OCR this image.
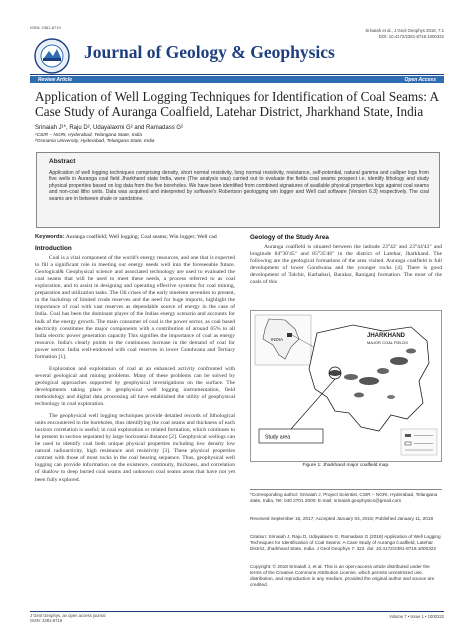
ISSN: 2381-8719
Journal of Geology & Geophysics
Srinaiah et al., J Geol Geophys 2018, 7:1
DOI: 10.4172/2381-8719.1000322
Review Article	Open Access
Application of Well Logging Techniques for Identification of Coal Seams: A Case Study of Auranga Coalfield, Latehar District, Jharkhand State, India
Srinaiah J¹*, Raju D², Udayalaxmi G² and Ramadass G²
¹CSIR – NGRI, Hyderabad, Telangana State, India
²Osmania University, Hyderabad, Telangana State, India
Abstract
Application of well logging techniques comprising density, short normal resistivity, long normal resistivity, resistance, self-potential, natural gamma and calliper logs from five wells in Auranga coal field Jharkhand state India, were (The analysis was) carried out to evaluate the fields coal seams prospect i.e. identify lithology and study physical properties based on log data from the five boreholes. We have been identified from combined signatures of available physical properties logs against coal seams and non-coal litho units. Data was acquired and interpreted by software's Robertson geologging win logger and Well cad software (Version 6.3) respectively. The coal seams are in between shale or sandstone.
Keywords: Auranga coalfield; Well logging; Coal seams; Win logger; Well cad
Introduction
Coal is a vital component of the world's energy resources, and one that is expected to fill a significant role in meeting our energy needs well into the foreseeable future. Geological& Geophysical science and associated technology are used to evaluated the coal seams that will be used to meet these needs, a process referred to as coal exploration, and to assist in designing and operating effective systems for coal mining, preparation and utilization tasks. The Oil crises of the early nineteen seventies to present, in the backdrop of limited crude reserves and the need for huge imports, highlight the importance of coal with vast reserves as dependable source of energy in the case of India. Coal has been the dominant player of the Indias energy scenario and accounts for bulk of the energy growth. The main consumer of coal is the power sector, as coal based electricity constitutes the major components with a contribution of around 65% to all India electric power generation capacity This signifies the importance of coal as energy resource. India's clearly points to the continuous increase in the demand of coal for power sector. India well-endowed with coal reserves in lower Gondwana and Tertiary formation [1].
Exploration and exploitation of coal at an enhanced activity confronted with several geological and mining problems. Many of these problems can be solved by geological approaches supported by geophysical investigations on the surface. The developments taking place in geophysical well logging instrumentation, field methodology and digital data processing all have established the utility of geophysical technology in coal exploration.
The geophysical well logging techniques provide detailed records of lithological units encountered in the boreholes, thus identifying the coal seams and thickness of each horizon correlation is useful; in coal exploration or related formation, which continues to be present in section separated by large horizontal distance [2]. Geophysical wellogs can be used to identify coal beds unique physical properties including low density low natural radioactivity, high resistance and resistivity [3]. These physical properties contrast with those of most rocks in the coal bearing sequence. Thus, geophysical well logging can provide information on the existence, continuity, thickness, and correlation of shallow to deep buried coal seams and unknown coal seams areas that have not yet been fully explored.
Geology of the Study Area
Auranga coalfield is situated between the latitude 23°42' and 23°44'43" and longitude 84°30'45" and 85°35'46" in the district of Latehar, Jharkhand. The following are the geological formations of the area visited. Auranga coalfield is full development of lower Gondwana and the younger rocks [4]. There is good development of Talchir, Karhabari, Barakar, Raniganj formation. The most of the coals of this
INDIA
JHARKHAND
MAJOR COAL FIELDS
Study area
Figure 1: Jharkhand major coalfield map.
*Corresponding author: Srinaiah J, Project Scientist, CSIR – NGRI, Hyderabad, Telangana state, India, Tel: 040 2701 2000; E-mail: srinaiah.geophysics@gmail.com
Received September 15, 2017; Accepted January 04, 2018; Published January 11, 2018
Citation: Srinaiah J, Raju D, Udayalaxmi G, Ramadass G (2018) Application of Well Logging Techniques for Identification of Coal Seams: A Case Study of Auranga Coalfield, Latehar District, Jharkhand State, India. J Geol Geophys 7: 322. doi: 10.4172/2381-8719.1000322
Copyright: © 2018 Srinaiah J, et al. This is an open-access article distributed under the terms of the Creative Commons Attribution License, which permits unrestricted use, distribution, and reproduction in any medium, provided the original author and source are credited.
J Geol Geophys, an open access journal
ISSN: 2381-8719
Volume 7 • Issue 1 • 1000322
